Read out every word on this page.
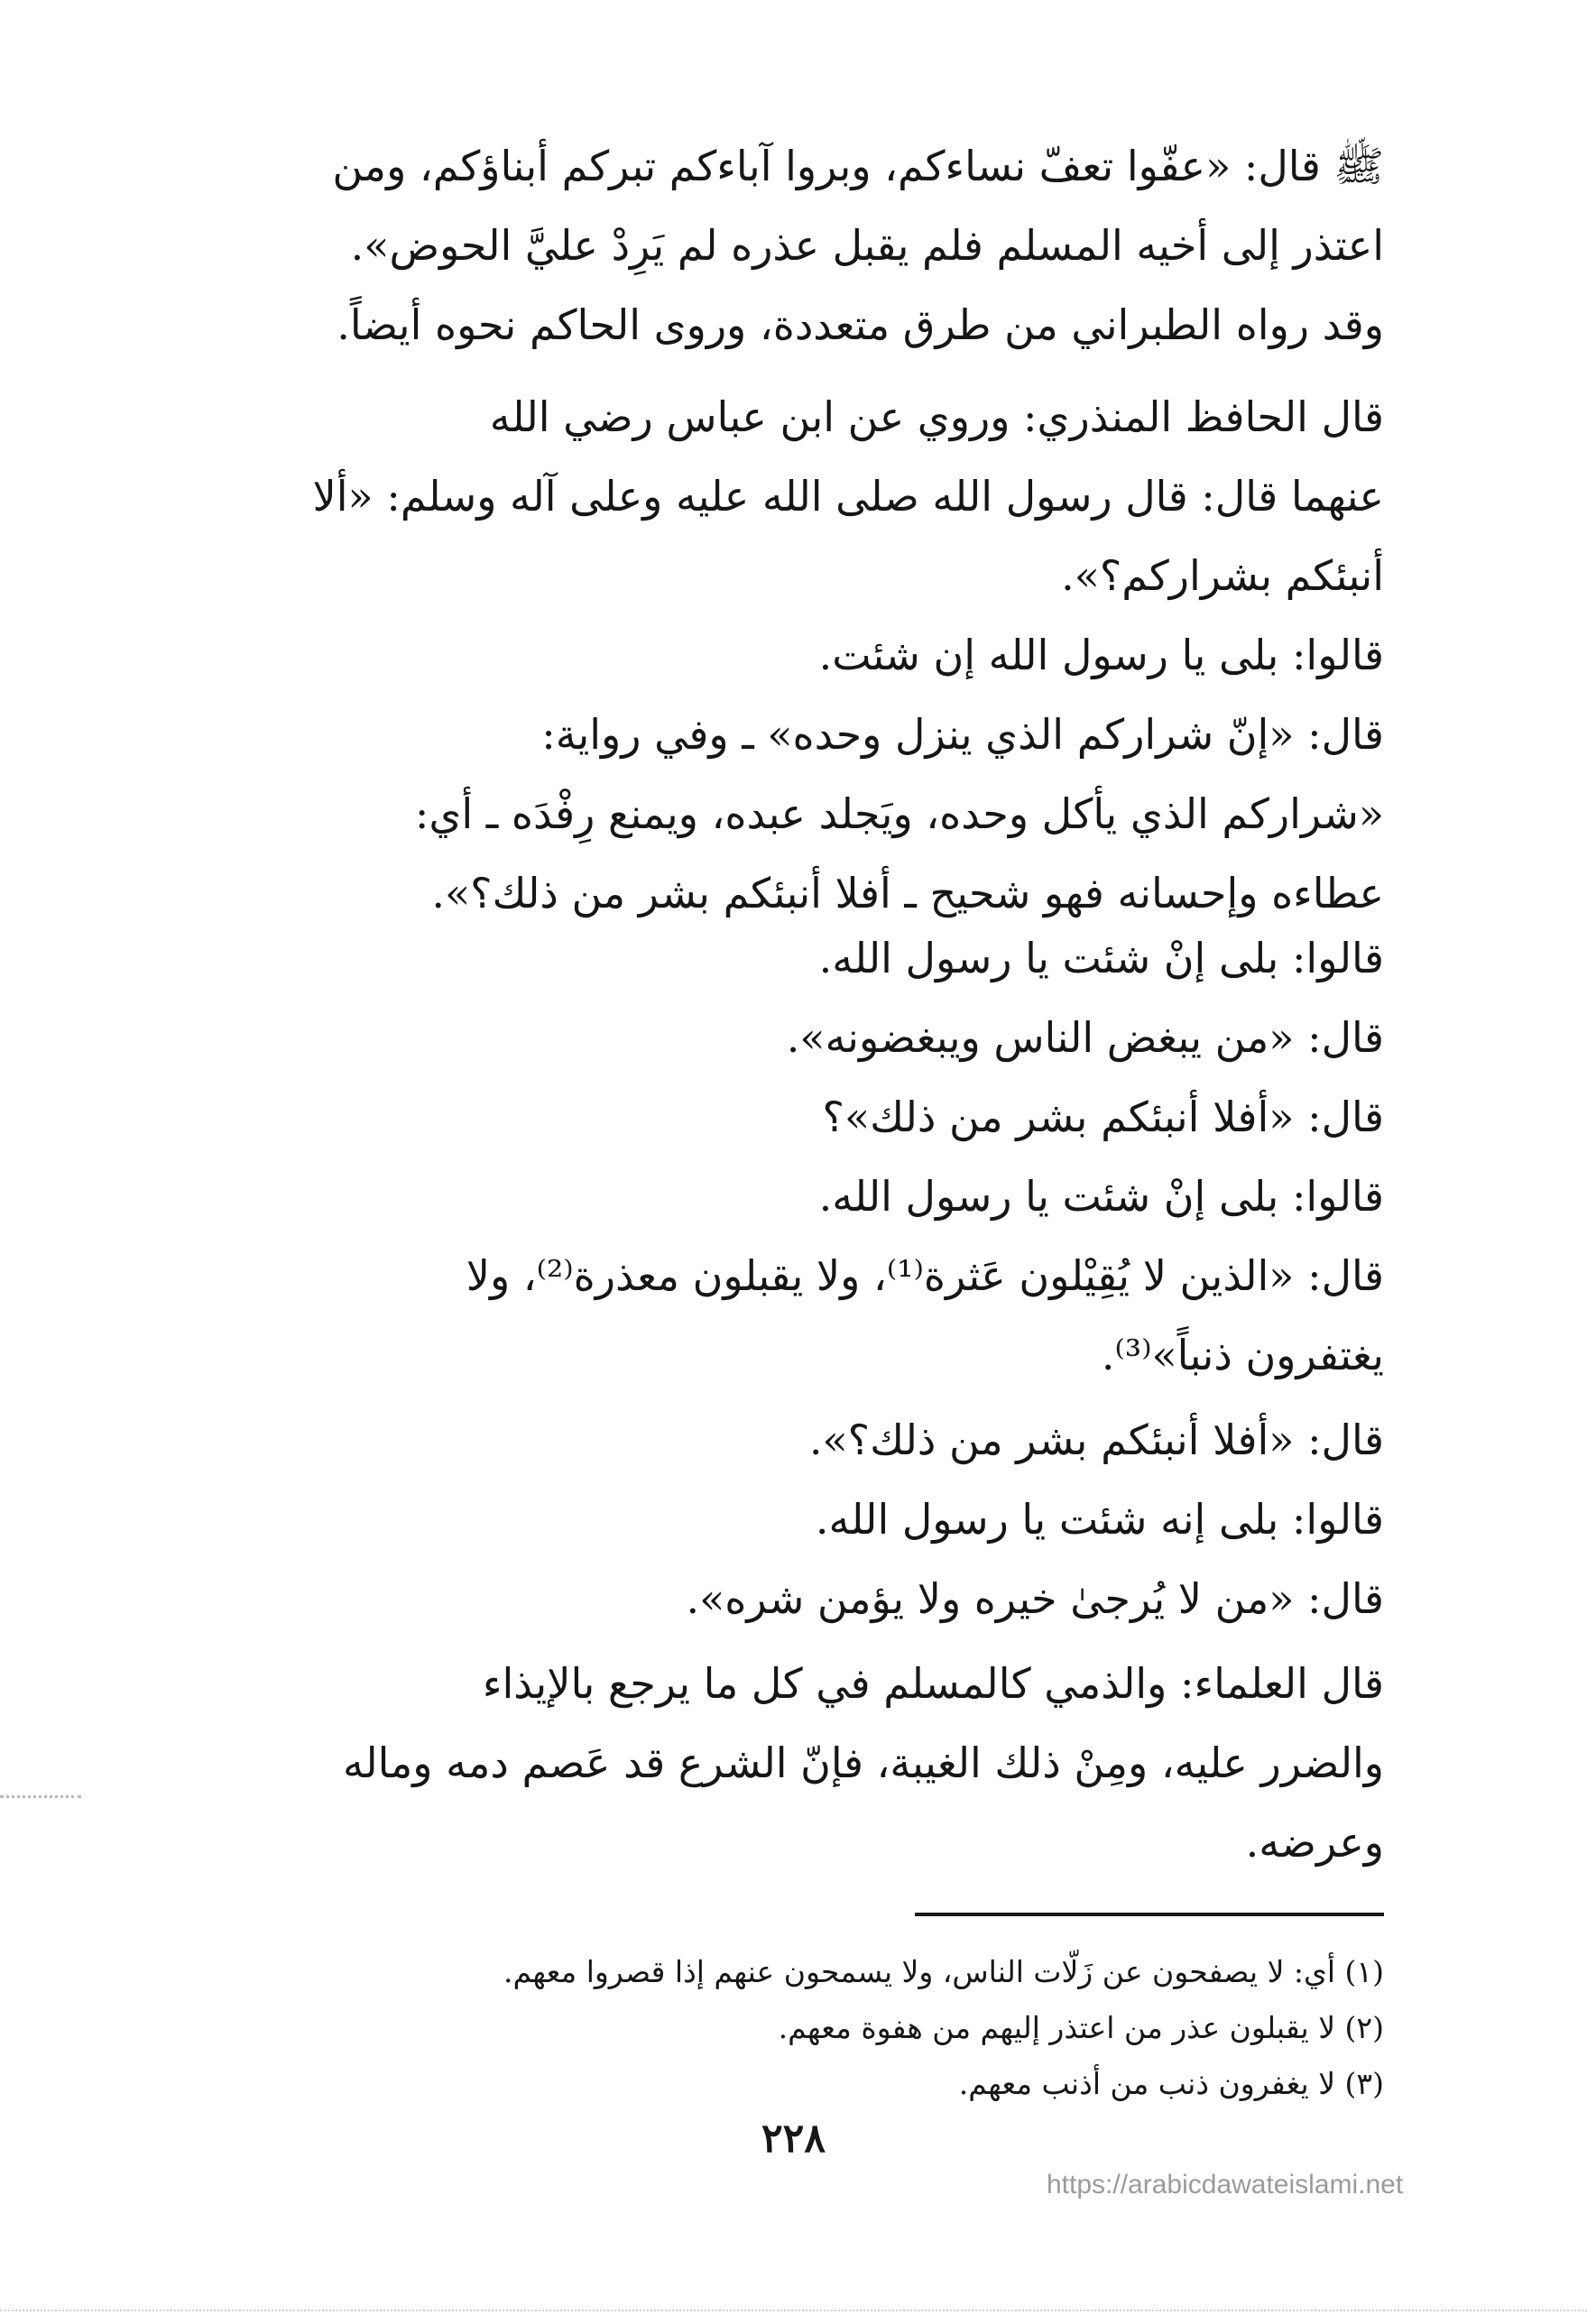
ﷺ قال: «عفّوا تعفّ نساءكم، وبروا آباءكم تبركم أبناؤكم، ومن
اعتذر إلى أخيه المسلم فلم يقبل عذره لم يَرِدْ عليَّ الحوض».
وقد رواه الطبراني من طرق متعددة، وروى الحاكم نحوه أيضاً.
قال الحافظ المنذري: وروي عن ابن عباس رضي الله
عنهما قال: قال رسول الله صلى الله عليه وعلى آله وسلم: «ألا
أنبئكم بشراركم؟».
قالوا: بلى يا رسول الله إن شئت.
قال: «إنّ شراركم الذي ينزل وحده» ـ وفي رواية:
«شراركم الذي يأكل وحده، ويَجلد عبده، ويمنع رِفْدَه ـ أي:
عطاءه وإحسانه فهو شحيح ـ أفلا أنبئكم بشر من ذلك؟».
قالوا: بلى إنْ شئت يا رسول الله.
قال: «من يبغض الناس ويبغضونه».
قال: «أفلا أنبئكم بشر من ذلك»؟
قالوا: بلى إنْ شئت يا رسول الله.
قال: «الذين لا يُقِيْلون عَثرة⁽¹⁾، ولا يقبلون معذرة⁽²⁾، ولا
يغتفرون ذنباً»⁽³⁾.
قال: «أفلا أنبئكم بشر من ذلك؟».
قالوا: بلى إنه شئت يا رسول الله.
قال: «من لا يُرجىٰ خيره ولا يؤمن شره».
قال العلماء: والذمي كالمسلم في كل ما يرجع بالإيذاء
والضرر عليه، ومِنْ ذلك الغيبة، فإنّ الشرع قد عَصم دمه وماله
وعرضه.
(١) أي: لا يصفحون عن زَلّات الناس، ولا يسمحون عنهم إذا قصروا معهم.
(٢) لا يقبلون عذر من اعتذر إليهم من هفوة معهم.
(٣) لا يغفرون ذنب من أذنب معهم.
٢٢٨
https://arabicdawateislami.net
